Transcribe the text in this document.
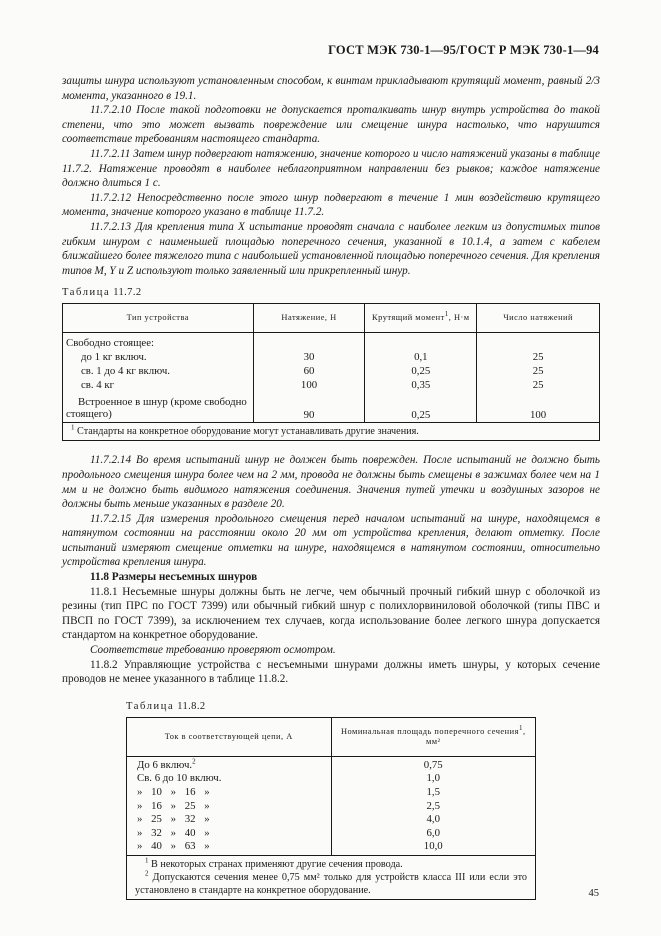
ГОСТ МЭК 730-1—95/ГОСТ Р МЭК 730-1—94

защиты шнура используют установленным способом, к винтам прикладывают крутящий момент, равный 2/3 момента, указанного в 19.1.

11.7.2.10 После такой подготовки не допускается проталкивать шнур внутрь устройства до такой степени, что это может вызвать повреждение или смещение шнура настолько, что нарушится соответствие требованиям настоящего стандарта.

11.7.2.11 Затем шнур подвергают натяжению, значение которого и число натяжений указаны в таблице 11.7.2. Натяжение проводят в наиболее неблагоприятном направлении без рывков; каждое натяжение должно длиться 1 с.

11.7.2.12 Непосредственно после этого шнур подвергают в течение 1 мин воздействию крутящего момента, значение которого указано в таблице 11.7.2.

11.7.2.13 Для крепления типа X испытание проводят сначала с наиболее легким из допустимых типов гибким шнуром с наименьшей площадью поперечного сечения, указанной в 10.1.4, а затем с кабелем ближайшего более тяжелого типа с наибольшей установленной площадью поперечного сечения. Для крепления типов M, Y и Z используют только заявленный или прикрепленный шнур.

Таблица 11.7.2
Тип устройства	Натяжение, Н	Крутящий момент$^1$, Н·м	Число натяжений
Свободно стоящее:			
до 1 кг включ.	30	0,1	25
св. 1 до 4 кг включ.	60	0,25	25
св. 4 кг	100	0,35	25
Встроенное в шнур (кроме свободно стоящего)	90	0,25	100
$^1$ Стандарты на конкретное оборудование могут устанавливать другие значения.			

11.7.2.14 Во время испытаний шнур не должен быть поврежден. После испытаний не должно быть продольного смещения шнура более чем на 2 мм, провода не должны быть смещены в зажимах более чем на 1 мм и не должно быть видимого натяжения соединения. Значения путей утечки и воздушных зазоров не должны быть меньше указанных в разделе 20.

11.7.2.15 Для измерения продольного смещения перед началом испытаний на шнуре, находящемся в натянутом состоянии на расстоянии около 20 мм от устройства крепления, делают отметку. После испытаний измеряют смещение отметки на шнуре, находящемся в натянутом состоянии, относительно устройства крепления шнура.

11.8 Размеры несъемных шнуров

11.8.1 Несъемные шнуры должны быть не легче, чем обычный прочный гибкий шнур с оболочкой из резины (тип ПРС по ГОСТ 7399) или обычный гибкий шнур с полихлорвиниловой оболочкой (типы ПВС и ПВСП по ГОСТ 7399), за исключением тех случаев, когда использование более легкого шнура допускается стандартом на конкретное оборудование.

Соответствие требованию проверяют осмотром.

11.8.2 Управляющие устройства с несъемными шнурами должны иметь шнуры, у которых сечение проводов не менее указанного в таблице 11.8.2.

Таблица 11.8.2
Ток в соответствующей цепи, А	Номинальная площадь поперечного сечения$^1$, мм²
До 6 включ.$^2$	0,75
Св. 6 до 10 включ.	1,0
» 10 » 16 »	1,5
» 16 » 25 »	2,5
» 25 » 32 »	4,0
» 32 » 40 »	6,0
» 40 » 63 »	10,0

$^1$ В некоторых странах применяют другие сечения провода.
$^2$ Допускаются сечения менее 0,75 мм² только для устройств класса III или если это установлено в стандарте на конкретное оборудование.		45
